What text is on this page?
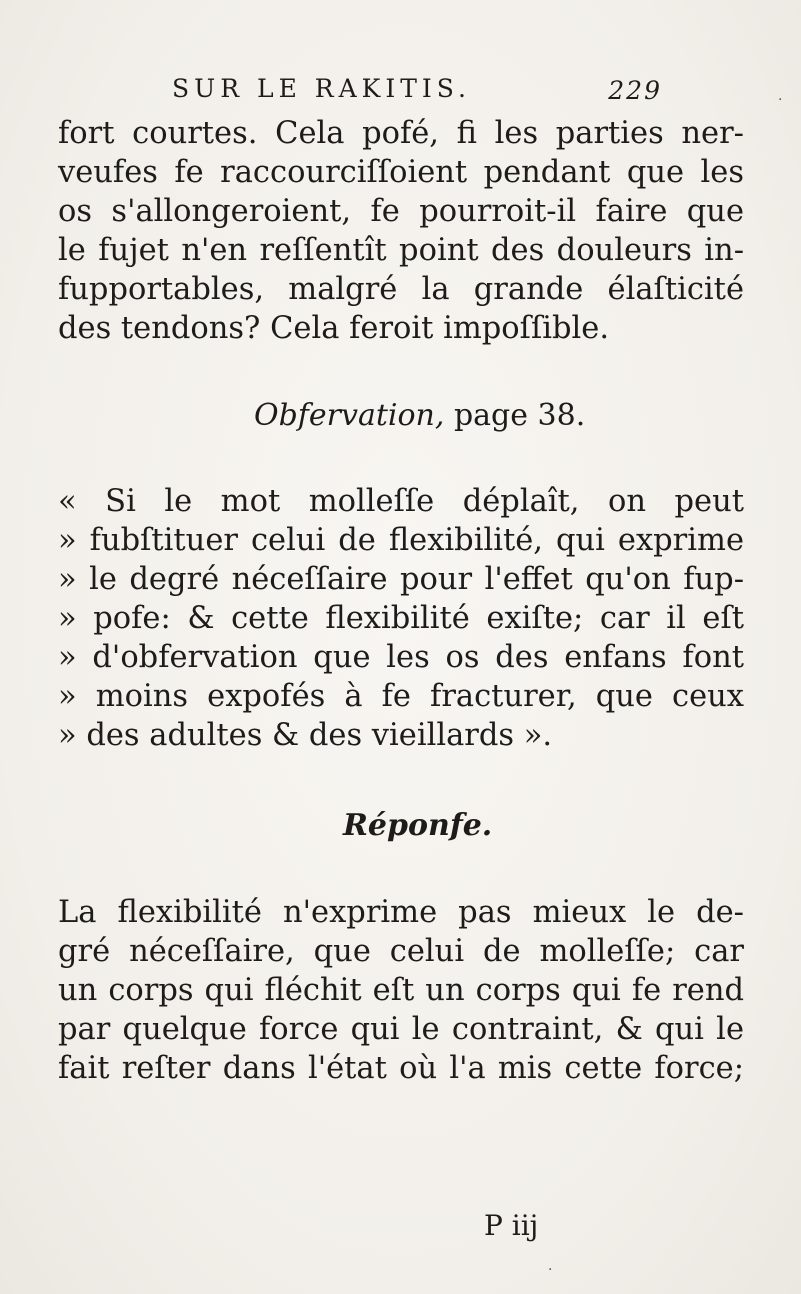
SUR LE RAKITIS.	229
fort courtes. Cela pofé, fi les parties ner-
veufes fe raccourciſſoient pendant que les
os s'allongeroient, fe pourroit-il faire que
le fujet n'en reſſentît point des douleurs in-
fupportables, malgré la grande élaſticité
des tendons? Cela feroit impoſſible.
Obfervation, page 38.
« Si le mot molleſſe déplaît, on peut
» fubſtituer celui de flexibilité, qui exprime
» le degré néceſſaire pour l'effet qu'on fup-
» pofe: & cette flexibilité exiſte; car il eſt
» d'obfervation que les os des enfans font
» moins expofés à fe fracturer, que ceux
» des adultes & des vieillards ».
Réponfe.
La flexibilité n'exprime pas mieux le de-
gré néceſſaire, que celui de molleſſe; car
un corps qui fléchit eſt un corps qui fe rend
par quelque force qui le contraint, & qui le
fait reſter dans l'état où l'a mis cette force;
P iij
·
·
